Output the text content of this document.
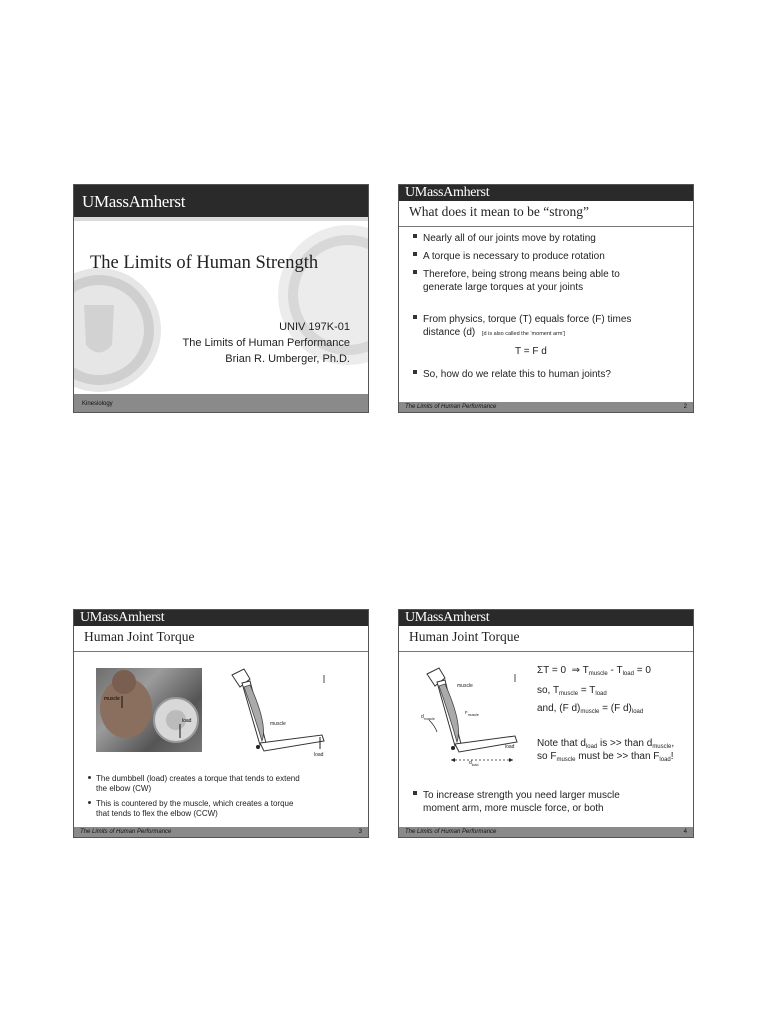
UMassAmherst
The Limits of Human Strength
UNIV 197K-01
The Limits of Human Performance
Brian R. Umberger, Ph.D.
Kinesiology
UMassAmherst
What does it mean to be “strong”
Nearly all of our joints move by rotating
A torque is necessary to produce rotation
Therefore, being strong means being able to
generate large torques at your joints
From physics, torque (T) equals force (F) times
distance (d) [d is also called the ‘moment arm’]
T = F d
So, how do we relate this to human joints?
The Limits of Human Performance	2
UMassAmherst
Human Joint Torque
muscle
load	muscle
load
The dumbbell (load) creates a torque that tends to extend
the elbow (CW)
This is countered by the muscle, which creates a torque
that tends to flex the elbow (CCW)
The Limits of Human Performance	3
UMassAmherst
Human Joint Torque
muscle
$d_{muscle}$
$F_{muscle}$
load
$d_{load}$
ΣT = 0 ⇒ $T_{muscle} - T_{load} = 0$
so, $T_{muscle} = T_{load}$
and, (F $d)_{muscle} = (F$ $d)_{load}$
Note that $d_{load}$ is >> than $d_{muscle}$,
so $F_{muscle}$ must be >> than $F_{load}$!
To increase strength you need larger muscle
moment arm, more muscle force, or both
The Limits of Human Performance	4
